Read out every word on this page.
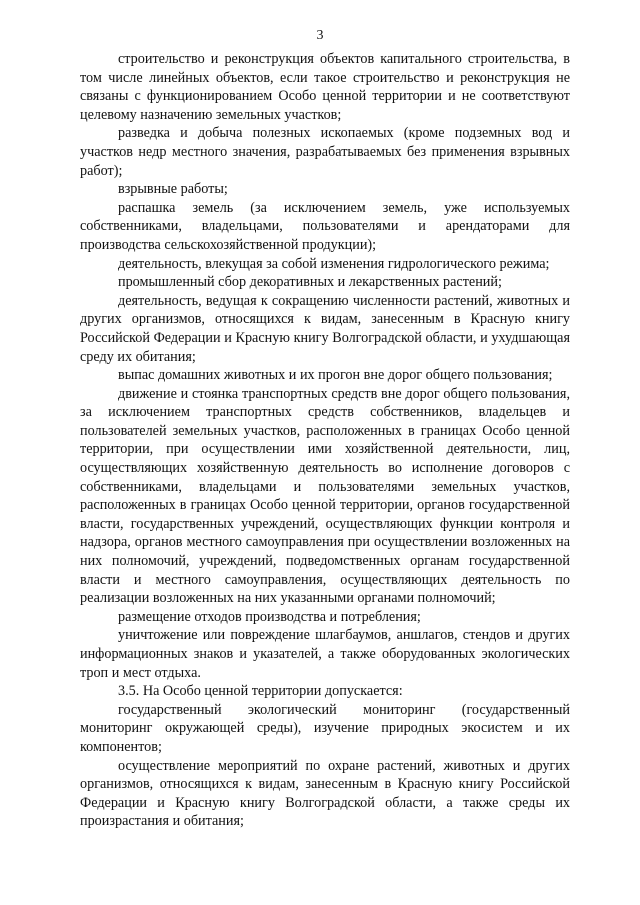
3

строительство и реконструкция объектов капитального строительства, в том числе линейных объектов, если такое строительство и реконструкция не связаны с функционированием Особо ценной территории и не соответствуют целевому назначению земельных участков;

разведка и добыча полезных ископаемых (кроме подземных вод и участков недр местного значения, разрабатываемых без применения взрывных работ);

взрывные работы;

распашка земель (за исключением земель, уже используемых собственниками, владельцами, пользователями и арендаторами для производства сельскохозяйственной продукции);

деятельность, влекущая за собой изменения гидрологического режима;

промышленный сбор декоративных и лекарственных растений;

деятельность, ведущая к сокращению численности растений, животных и других организмов, относящихся к видам, занесенным в Красную книгу Российской Федерации и Красную книгу Волгоградской области, и ухудшающая среду их обитания;

выпас домашних животных и их прогон вне дорог общего пользования;

движение и стоянка транспортных средств вне дорог общего пользования, за исключением транспортных средств собственников, владельцев и пользователей земельных участков, расположенных в границах Особо ценной территории, при осуществлении ими хозяйственной деятельности, лиц, осуществляющих хозяйственную деятельность во исполнение договоров с собственниками, владельцами и пользователями земельных участков, расположенных в границах Особо ценной территории, органов государственной власти, государственных учреждений, осуществляющих функции контроля и надзора, органов местного самоуправления при осуществлении возложенных на них полномочий, учреждений, подведомственных органам государственной власти и местного самоуправления, осуществляющих деятельность по реализации возложенных на них указанными органами полномочий;

размещение отходов производства и потребления;

уничтожение или повреждение шлагбаумов, аншлагов, стендов и других информационных знаков и указателей, а также оборудованных экологических троп и мест отдыха.

3.5. На Особо ценной территории допускается:

государственный экологический мониторинг (государственный мониторинг окружающей среды), изучение природных экосистем и их компонентов;

осуществление мероприятий по охране растений, животных и других организмов, относящихся к видам, занесенным в Красную книгу Российской Федерации и Красную книгу Волгоградской области, а также среды их произрастания и обитания;
